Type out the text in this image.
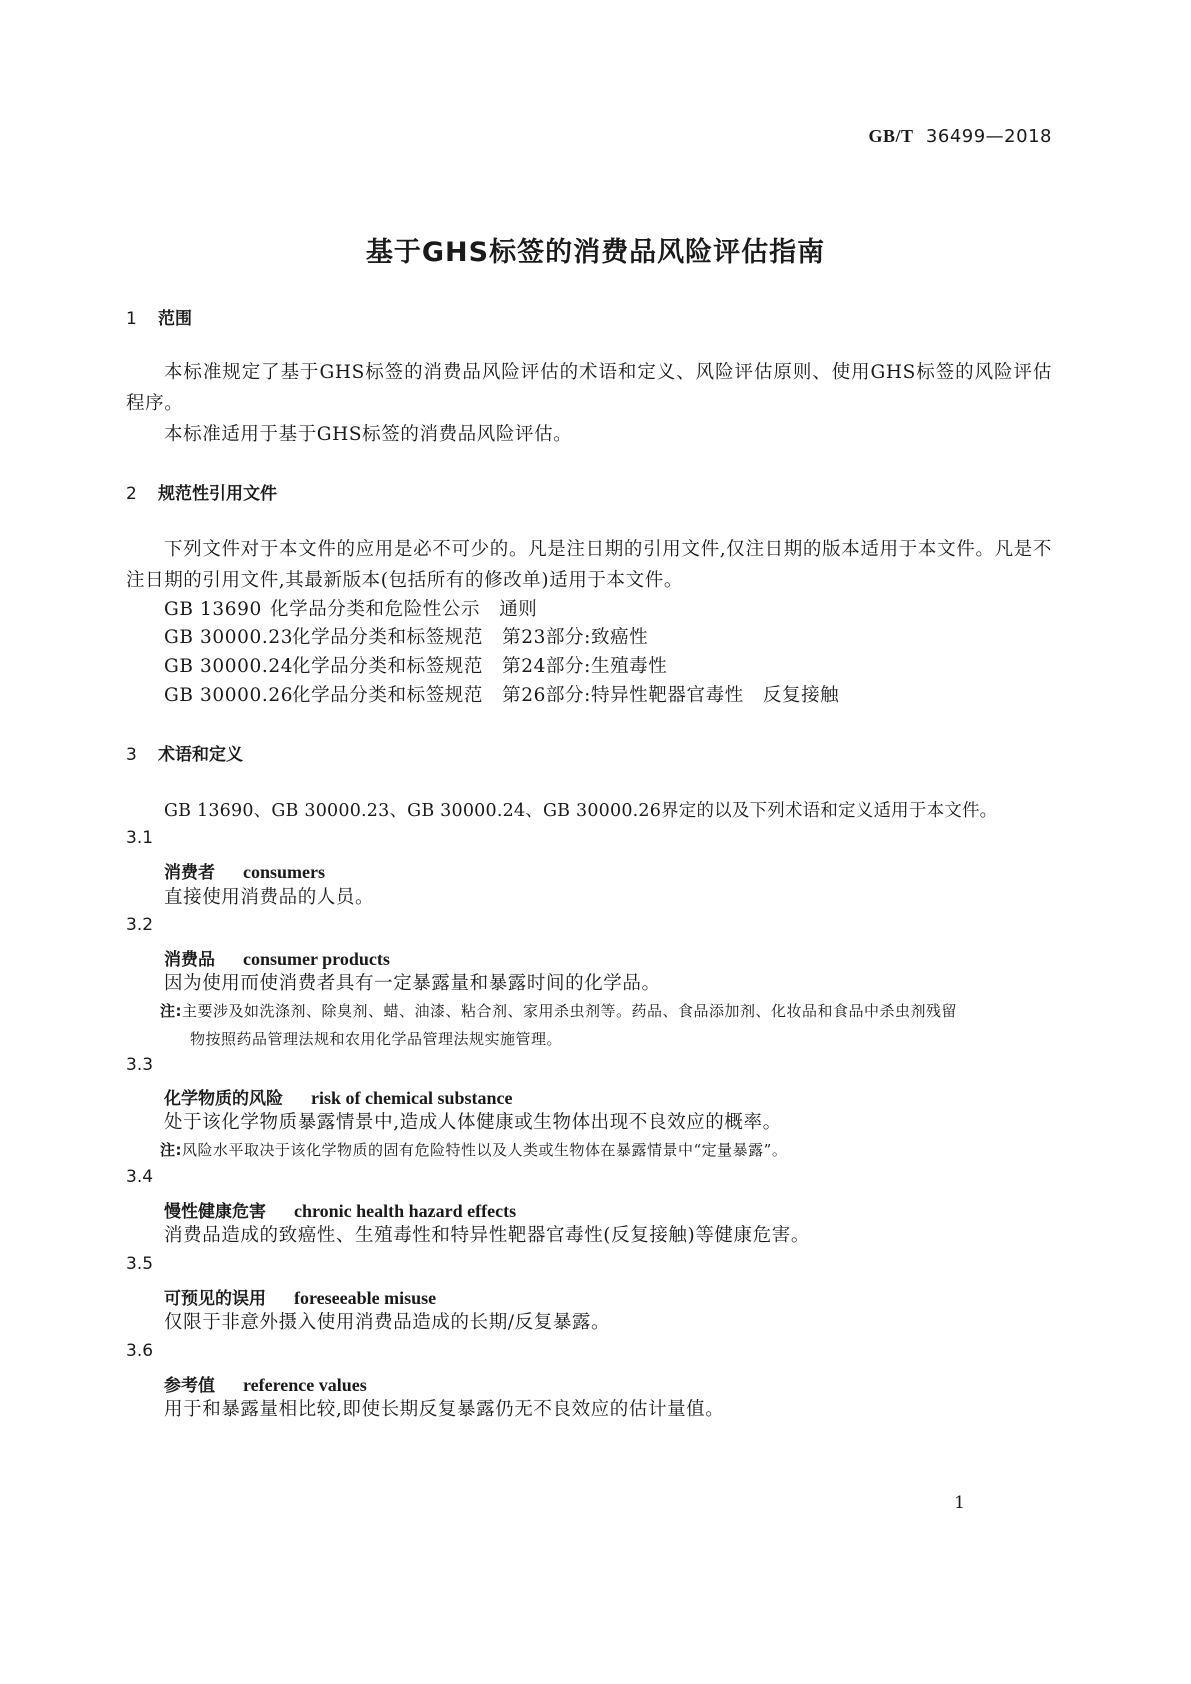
GB/T 36499—2018
基于GHS标签的消费品风险评估指南
1 范围
本标准规定了基于GHS标签的消费品风险评估的术语和定义、风险评估原则、使用GHS标签的风险评估程序。
本标准适用于基于GHS标签的消费品风险评估。
2 规范性引用文件
下列文件对于本文件的应用是必不可少的。凡是注日期的引用文件,仅注日期的版本适用于本文件。凡是不注日期的引用文件,其最新版本(包括所有的修改单)适用于本文件。
GB 13690 化学品分类和危险性公示　通则
GB 30000.23化学品分类和标签规范　第23部分:致癌性
GB 30000.24化学品分类和标签规范　第24部分:生殖毒性
GB 30000.26化学品分类和标签规范　第26部分:特异性靶器官毒性　反复接触
3 术语和定义
GB 13690、GB 30000.23、GB 30000.24、GB 30000.26界定的以及下列术语和定义适用于本文件。
3.1
消费者 consumers
直接使用消费品的人员。
3.2
消费品 consumer products
因为使用而使消费者具有一定暴露量和暴露时间的化学品。
注:主要涉及如洗涤剂、除臭剂、蜡、油漆、粘合剂、家用杀虫剂等。药品、食品添加剂、化妆品和食品中杀虫剂残留
物按照药品管理法规和农用化学品管理法规实施管理。
3.3
化学物质的风险 risk of chemical substance
处于该化学物质暴露情景中,造成人体健康或生物体出现不良效应的概率。
注:风险水平取决于该化学物质的固有危险特性以及人类或生物体在暴露情景中“定量暴露”。
3.4
慢性健康危害 chronic health hazard effects
消费品造成的致癌性、生殖毒性和特异性靶器官毒性(反复接触)等健康危害。
3.5
可预见的误用 foreseeable misuse
仅限于非意外摄入使用消费品造成的长期/反复暴露。
3.6
参考值 reference values
用于和暴露量相比较,即使长期反复暴露仍无不良效应的估计量值。
1
